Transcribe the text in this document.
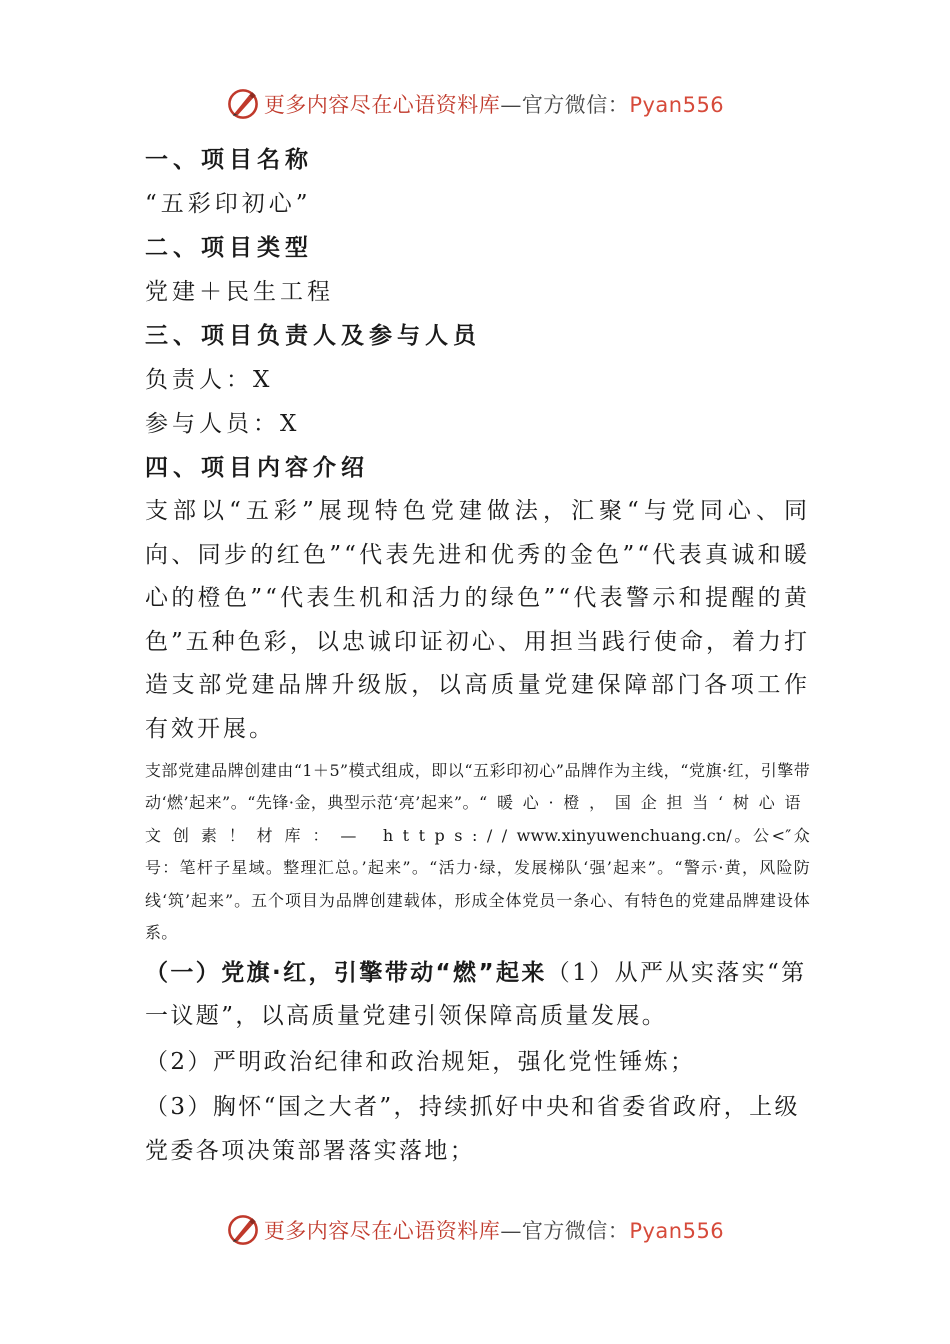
更多内容尽在心语资料库—官方微信：Pyan556
一、项目名称
“五彩印初心”
二、项目类型
党建＋民生工程
三、项目负责人及参与人员
负责人：X
参与人员：X
四、项目内容介绍
支部以“五彩”展现特色党建做法，汇聚“与党同心、同向、同步的红色”“代表先进和优秀的金色”“代表真诚和暖心的橙色”“代表生机和活力的绿色”“代表警示和提醒的黄色”五种色彩，以忠诚印证初心、用担当践行使命，着力打造支部党建品牌升级版，以高质量党建保障部门各项工作有效开展。
支部党建品牌创建由“1＋5”模式组成，即以“五彩印初心”品牌作为主线，“党旗·红，引擎带动‘燃’起来”。“先锋·金，典型示范‘亮’起来”。“暖心·橙，国企担当‘树心语文创素！材库：— https://www.xinyuwenchuang.cn/。公<″众号：笔杆子星域。整理汇总。’起来”。“活力·绿，发展梯队‘强’起来”。“警示·黄，风险防线‘筑’起来”。五个项目为品牌创建载体，形成全体党员一条心、有特色的党建品牌建设体系。
（一）党旗·红，引擎带动“燃”起来（1）从严从实落实“第一议题”，以高质量党建引领保障高质量发展。
（2）严明政治纪律和政治规矩，强化党性锤炼；
（3）胸怀“国之大者”，持续抓好中央和省委省政府，上级党委各项决策部署落实落地；
更多内容尽在心语资料库—官方微信：Pyan556
